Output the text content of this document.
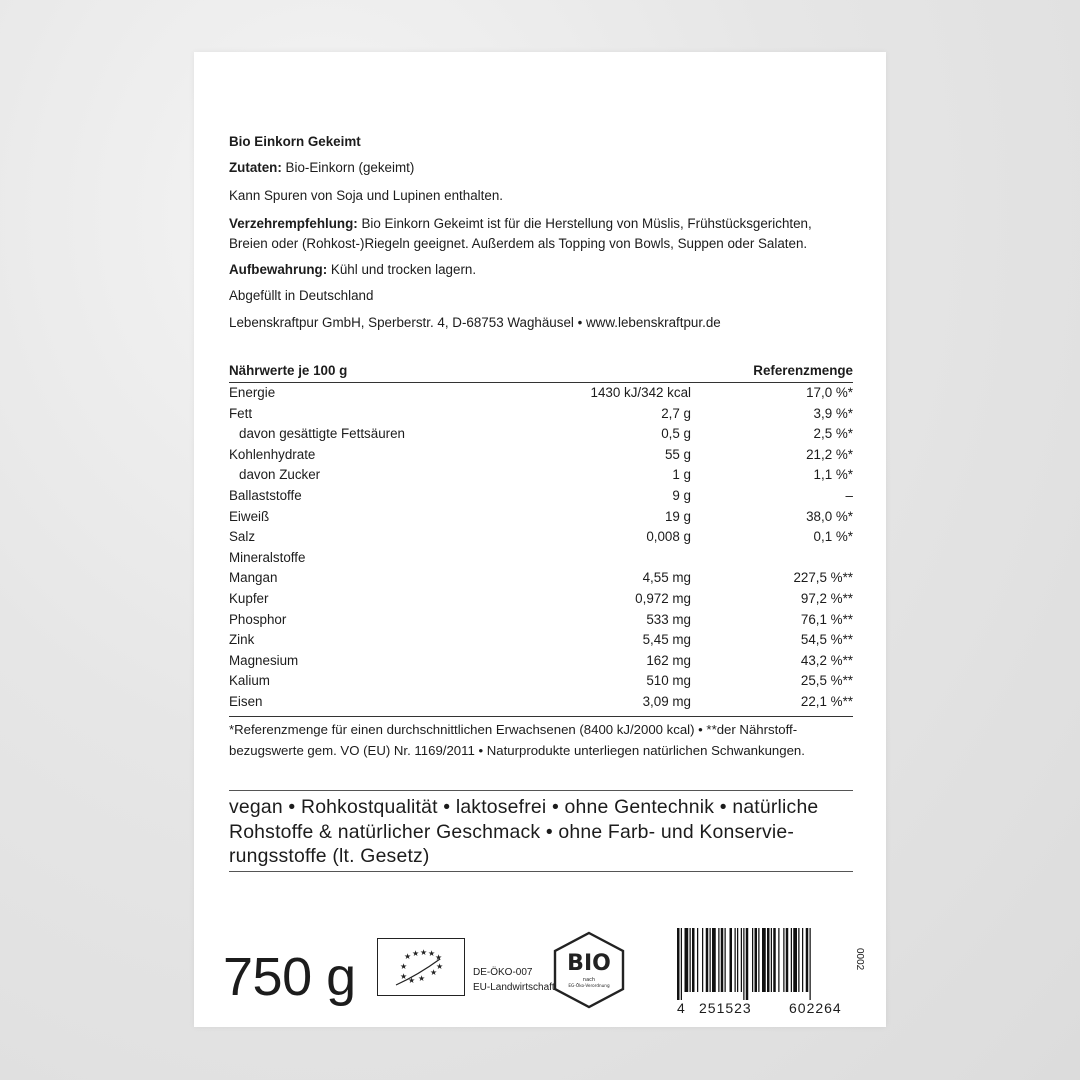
Bio Einkorn Gekeimt
Zutaten: Bio-Einkorn (gekeimt)
Kann Spuren von Soja und Lupinen enthalten.
Verzehrempfehlung: Bio Einkorn Gekeimt ist für die Herstellung von Müslis, Frühstücksgerichten,
Breien oder (Rohkost-)Riegeln geeignet. Außerdem als Topping von Bowls, Suppen oder Salaten.
Aufbewahrung: Kühl und trocken lagern.
Abgefüllt in Deutschland
Lebenskraftpur GmbH, Sperberstr. 4, D-68753 Waghäusel • www.lebenskraftpur.de
Nährwerte je 100 g	Referenzmenge
Energie	1430 kJ/342 kcal	17,0 %*
Fett	2,7 g	3,9 %*
davon gesättigte Fettsäuren	0,5 g	2,5 %*
Kohlenhydrate	55 g	21,2 %*
davon Zucker	1 g	1,1 %*
Ballaststoffe	9 g	–
Eiweiß	19 g	38,0 %*
Salz	0,008 g	0,1 %*
Mineralstoffe
Mangan	4,55 mg	227,5 %**
Kupfer	0,972 mg	97,2 %**
Phosphor	533 mg	76,1 %**
Zink	5,45 mg	54,5 %**
Magnesium	162 mg	43,2 %**
Kalium	510 mg	25,5 %**
Eisen	3,09 mg	22,1 %**
*Referenzmenge für einen durchschnittlichen Erwachsenen (8400 kJ/2000 kcal) • **der Nährstoff-
bezugswerte gem. VO (EU) Nr. 1169/2011 • Naturprodukte unterliegen natürlichen Schwankungen.
vegan • Rohkostqualität • laktosefrei • ohne Gentechnik • natürliche
Rohstoffe & natürlicher Geschmack • ohne Farb- und Konservie-
rungsstoffe (lt. Gesetz)
750 g	★ ★ ★ ★ ★
★
★ ★ ★
★
★
DE-ÖKO-007
EU-Landwirtschaft
BIO
nach
EG-Öko-Verordnung
4 251523	602264
0002
